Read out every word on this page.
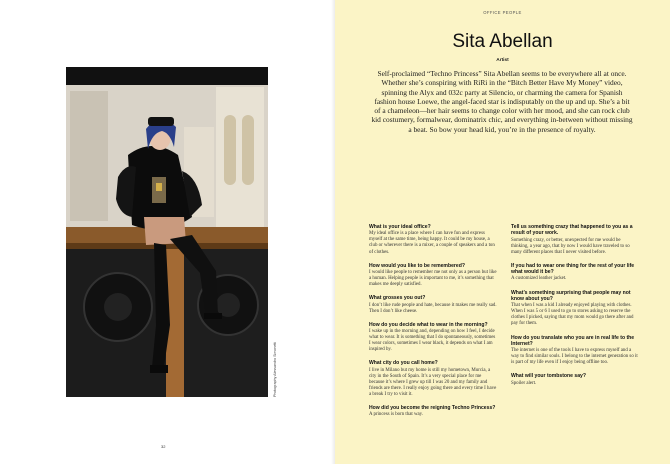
Photography Alessandro Simonetti
32
OFFICE PEOPLE
Sita Abellan
Artist

Self-proclaimed “Techno Princess” Sita Abellan seems to be everywhere all at once. Whether she’s conspiring with RiRi in the “Bitch Better Have My Money” video, spinning the Alyx and 032c party at Silencio, or charming the camera for Spanish fashion house Loewe, the angel-faced star is indisputably on the up and up. She’s a bit of a chameleon—her hair seems to change color with her mood, and she can rock club kid costumery, formalwear, dominatrix chic, and everything in-between without missing a beat. So bow your head kid, you’re in the presence of royalty.

What is your ideal office?

My ideal office is a place where I can have fun and express myself at the same time, being happy. It could be my house, a club or wherever there is a mixer, a couple of speakers and a ton of clothes.

How would you like to be remembered?

I would like people to remember me not only as a person but like a human. Helping people is important to me, it’s something that makes me deeply satisfied.

What grosses you out?

I don’t like rude people and hate, because it makes me really sad. Then I don’t like cheese.

How do you decide what to wear in the morning?

I wake up in the morning and, depending on how I feel, I decide what to wear. It is something that I do spontaneously, sometimes I wear colors, sometimes I wear black, it depends on what I am inspired by.

What city do you call home?

I live in Milano but my home is still my hometown, Murcia, a city in the South of Spain. It’s a very special place for me because it’s where I grew up till I was 20 and my family and friends are there. I really enjoy going there and every time I have a break I try to visit it.

How did you become the reigning Techno Princess?

A princess is born that way.

Tell us something crazy that happened to you as a result of your work.

Something crazy, or better, unexpected for me would be thinking, a year ago, that by now I would have traveled to so many different places that I never visited before.

If you had to wear one thing for the rest of your life what would it be?

A customized leather jacket.

What’s something surprising that people may not know about you?

That when I was a kid I already enjoyed playing with clothes. When I was 5 or 6 I used to go to stores asking to reserve the clothes I picked, saying that my mom would go there after and pay for them.

How do you translate who you are in real life to the Internet?

The internet is one of the tools I have to express myself and a way to find similar souls. I belong to the internet generation so it is part of my life even if I enjoy being offline too.

What will your tombstone say?

Spoiler alert.
